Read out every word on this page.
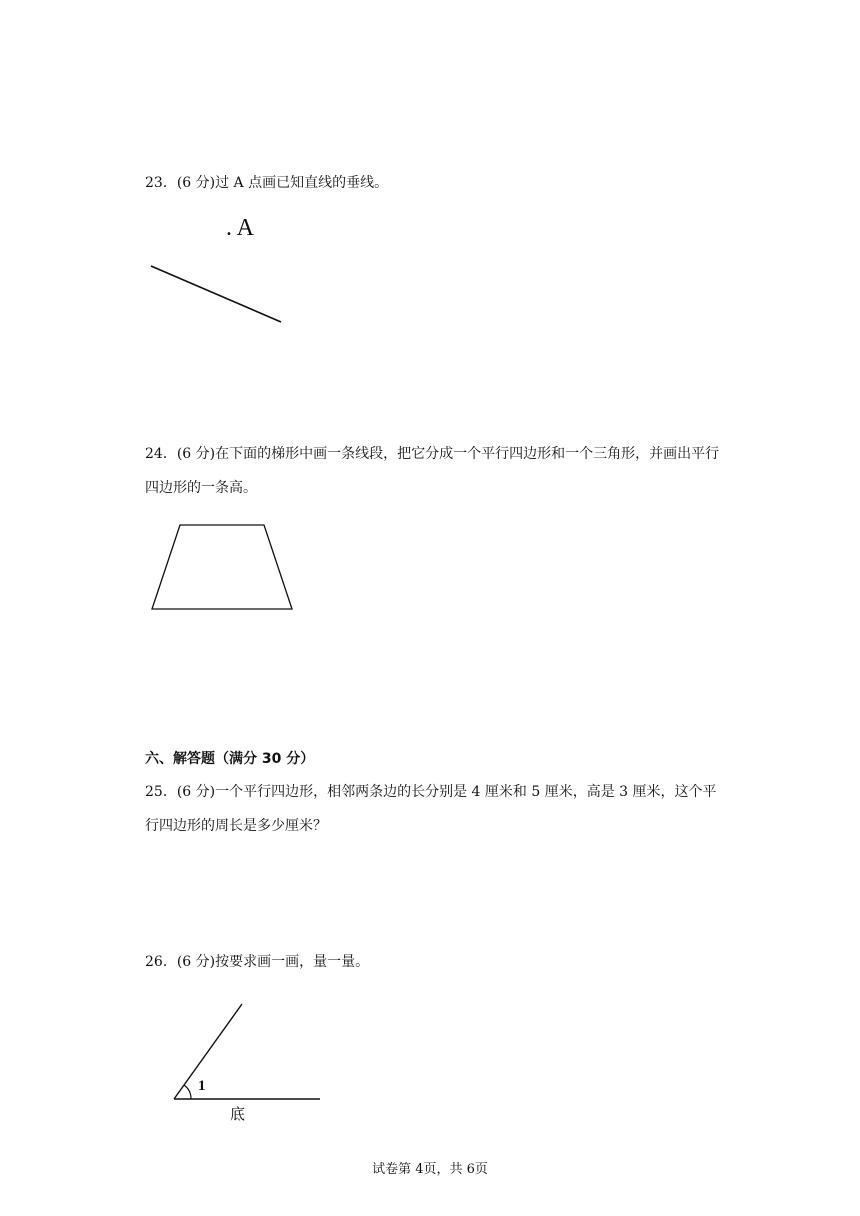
23．(6 分)过 A 点画已知直线的垂线。

. A

24．(6 分)在下面的梯形中画一条线段，把它分成一个平行四边形和一个三角形，并画出平行四边形的一条高。

六、解答题（满分 30 分）

25．(6 分)一个平行四边形，相邻两条边的长分别是 4 厘米和 5 厘米，高是 3 厘米，这个平行四边形的周长是多少厘米？

26．(6 分)按要求画一画，量一量。

1
底
试卷第 4页，共 6页
